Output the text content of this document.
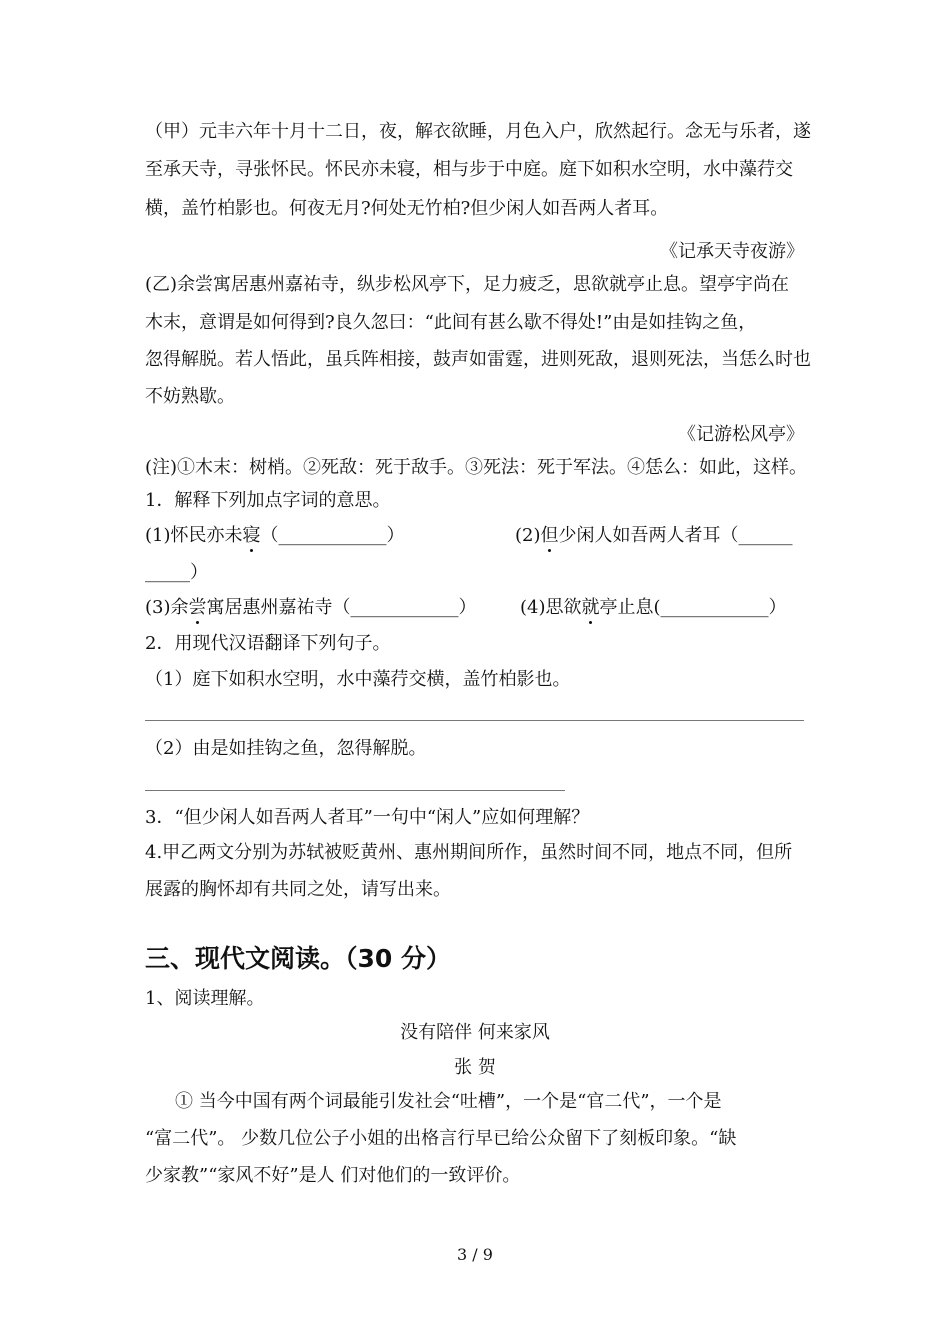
（甲）元丰六年十月十二日，夜，解衣欲睡，月色入户，欣然起行。念无与乐者，遂
至承天寺，寻张怀民。怀民亦未寝，相与步于中庭。庭下如积水空明，水中藻荇交
横，盖竹柏影也。何夜无月?何处无竹柏?但少闲人如吾两人者耳。
《记承天寺夜游》
(乙)余尝寓居惠州嘉祐寺，纵步松风亭下，足力疲乏，思欲就亭止息。望亭宇尚在
木末，意谓是如何得到?良久忽曰：“此间有甚么歇不得处!”由是如挂钩之鱼，
忽得解脱。若人悟此，虽兵阵相接，鼓声如雷霆，进则死敌，退则死法，当恁么时也
不妨熟歇。
《记游松风亭》
(注)①木末：树梢。②死敌：死于敌手。③死法：死于军法。④恁么：如此，这样。
1．解释下列加点字词的意思。
(1)怀民亦未寝（____________）	(2)但少闲人如吾两人者耳（______
_____）
(3)余尝寓居惠州嘉祐寺（____________） (4)思欲就亭止息(____________）
2．用现代汉语翻译下列句子。
（1）庭下如积水空明，水中藻荇交横，盖竹柏影也。
（2）由是如挂钩之鱼，忽得解脱。
3．“但少闲人如吾两人者耳”一句中“闲人”应如何理解？
4.甲乙两文分别为苏轼被贬黄州、惠州期间所作，虽然时间不同，地点不同，但所
展露的胸怀却有共同之处，请写出来。
三、现代文阅读。（30 分）
1、阅读理解。
没有陪伴 何来家风
张 贺
① 当今中国有两个词最能引发社会“吐槽”，一个是“官二代”，一个是
“富二代”。 少数几位公子小姐的出格言行早已给公众留下了刻板印象。“缺
少家教”“家风不好”是人 们对他们的一致评价。
3 / 9
